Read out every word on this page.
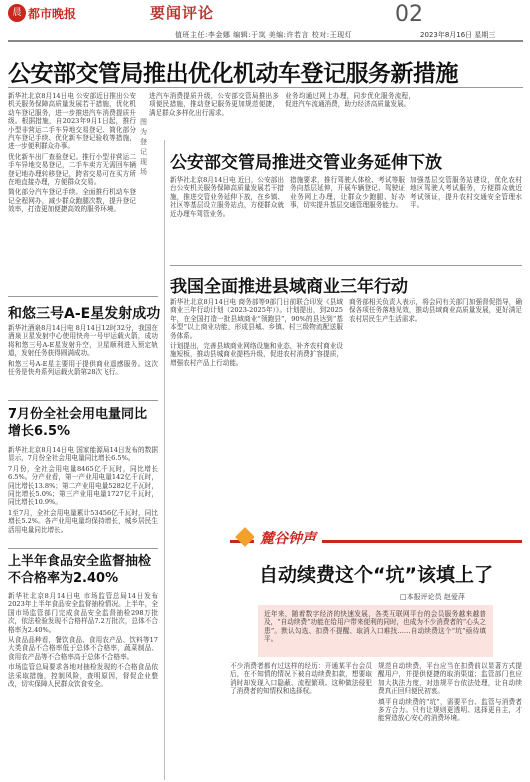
晨 都市晚报	要闻评论	02
值班主任:李金娜 编辑:于岚 美编:许若言 校对:王现灯	2023年8月16日 星期三
公安部交管局推出优化机动车登记服务新措施

新华社北京8月14日电 公安部近日推出公安机关服务保障高质量发展若干措施，优化机动车登记服务，进一步推进汽车消费提质升级。根据措施，自2023年9月1日起，推行小型非营运二手车异地交易登记、简化部分汽车登记手续、优化新车登记验收等措施，进一步便利群众办事。

优化新车出厂查验登记。推行小型非营运二手车异地交易登记，二手车卖方无需回车辆登记地办理转移登记，跨省交易可在买方所在地直接办理，方便群众交易。

简化部分汽车登记手续。全面推行机动车登记全程网办，减少群众跑腿次数，提升登记效率，打造更加便捷高效的服务环境。

进汽车消费提质升级，公安部交管局推出多项便民措施，推动登记服务更加规范便捷，满足群众多样化出行需求。

业务均通过网上办理，同步优化服务流程，促进汽车流通消费，助力经济高质量发展。

图为登记现场 公安部交管局推进交管业务延伸下放

新华社北京8月14日电 近日，公安部出台公安机关服务保障高质量发展若干措施，推进交管业务延伸下放，在乡镇、社区等基层设立服务站点，方便群众就近办理车驾管业务。

措施要求，推行驾驶人体检、考试等服务向基层延伸，开展车辆登记、驾驶证业务网上办理，让群众少跑腿、好办事，切实提升基层交通管理服务能力。

加强基层交管服务站建设，优化农村地区驾驶人考试服务，方便群众就近考试领证，提升农村交通安全管理水平。

和悠三号A-E星发射成功

新华社酒泉8月14日电 8月14日12时32分，我国在酒泉卫星发射中心使用快舟一号甲运载火箭，成功将和悠三号A-E星发射升空，卫星顺利进入预定轨道，发射任务获得圆满成功。

和悠三号A-E星主要用于提供商业遥感服务。这次任务是快舟系列运载火箭第28次飞行。

我国全面推进县域商业三年行动

新华社北京8月14日电 商务部等9部门日前联合印发《县域商业三年行动计划（2023-2025年）》。计划提出，到2025年，在全国打造一批县域商业“领跑县”，90%的县达到“基本型”以上商业功能，形成县城、乡镇、村三级物流配送服务体系。

计划提出，完善县域商业网络设施和业态，补齐农村商业设施短板，推动县城商业提档升级，促进农村消费扩容提质，增强农村产品上行动能。

商务部相关负责人表示，将会同有关部门加强督促指导，确保各项任务落地见效，推动县域商业高质量发展，更好满足农村居民生产生活需求。

7月份全社会用电量同比增长6.5%

新华社北京8月14日电 国家能源局14日发布的数据显示，7月份全社会用电量同比增长6.5%。

7月份，全社会用电量8465亿千瓦时，同比增长6.5%。分产业看，第一产业用电量142亿千瓦时，同比增长13.8%；第二产业用电量5282亿千瓦时，同比增长5.0%；第三产业用电量1727亿千瓦时，同比增长10.9%。

1至7月，全社会用电量累计53456亿千瓦时，同比增长5.2%。各产业用电量均保持增长，城乡居民生活用电量同比增长。

上半年食品安全监督抽检不合格率为2.40%

新华社北京8月14日电 市场监管总局14日发布2023年上半年食品安全监督抽检情况。上半年，全国市场监管部门完成食品安全监督抽检298万批次，依法检验发现不合格样品7.2万批次，总体不合格率为2.40%。

从食品品种看，餐饮食品、食用农产品、饮料等17大类食品不合格率低于总体不合格率，蔬菜制品、食用农产品等不合格率高于总体不合格率。

市场监管总局要求各地对抽检发现的不合格食品依法采取措施，控制风险，查明原因，督促企业整改，切实保障人民群众饮食安全。

麓谷钟声
自动续费这个“坑”该填上了
□本报评论员 赵爱萍
近年来，随着数字经济的快速发展，各类互联网平台的会员服务越来越普及，“自动续费”功能在给用户带来便利的同时，也成为不少消费者的“心头之患”。默认勾选、扣费不提醒、取消入口难找……自动续费这个“坑”亟待填平。

不少消费者都有过这样的经历：开通某平台会员后，在不知情的情况下被自动续费扣款，想要取消时却发现入口隐蔽、流程繁琐。这种做法侵犯了消费者的知情权和选择权。

规范自动续费，平台应当在扣费前以显著方式提醒用户，并提供便捷的取消渠道；监管部门也应加大执法力度，对违规平台依法处理，让自动续费真正回归便民初衷。

填平自动续费的“坑”，需要平台、监管与消费者多方合力。只有让规则更透明、选择更自主，才能营造放心安心的消费环境。
